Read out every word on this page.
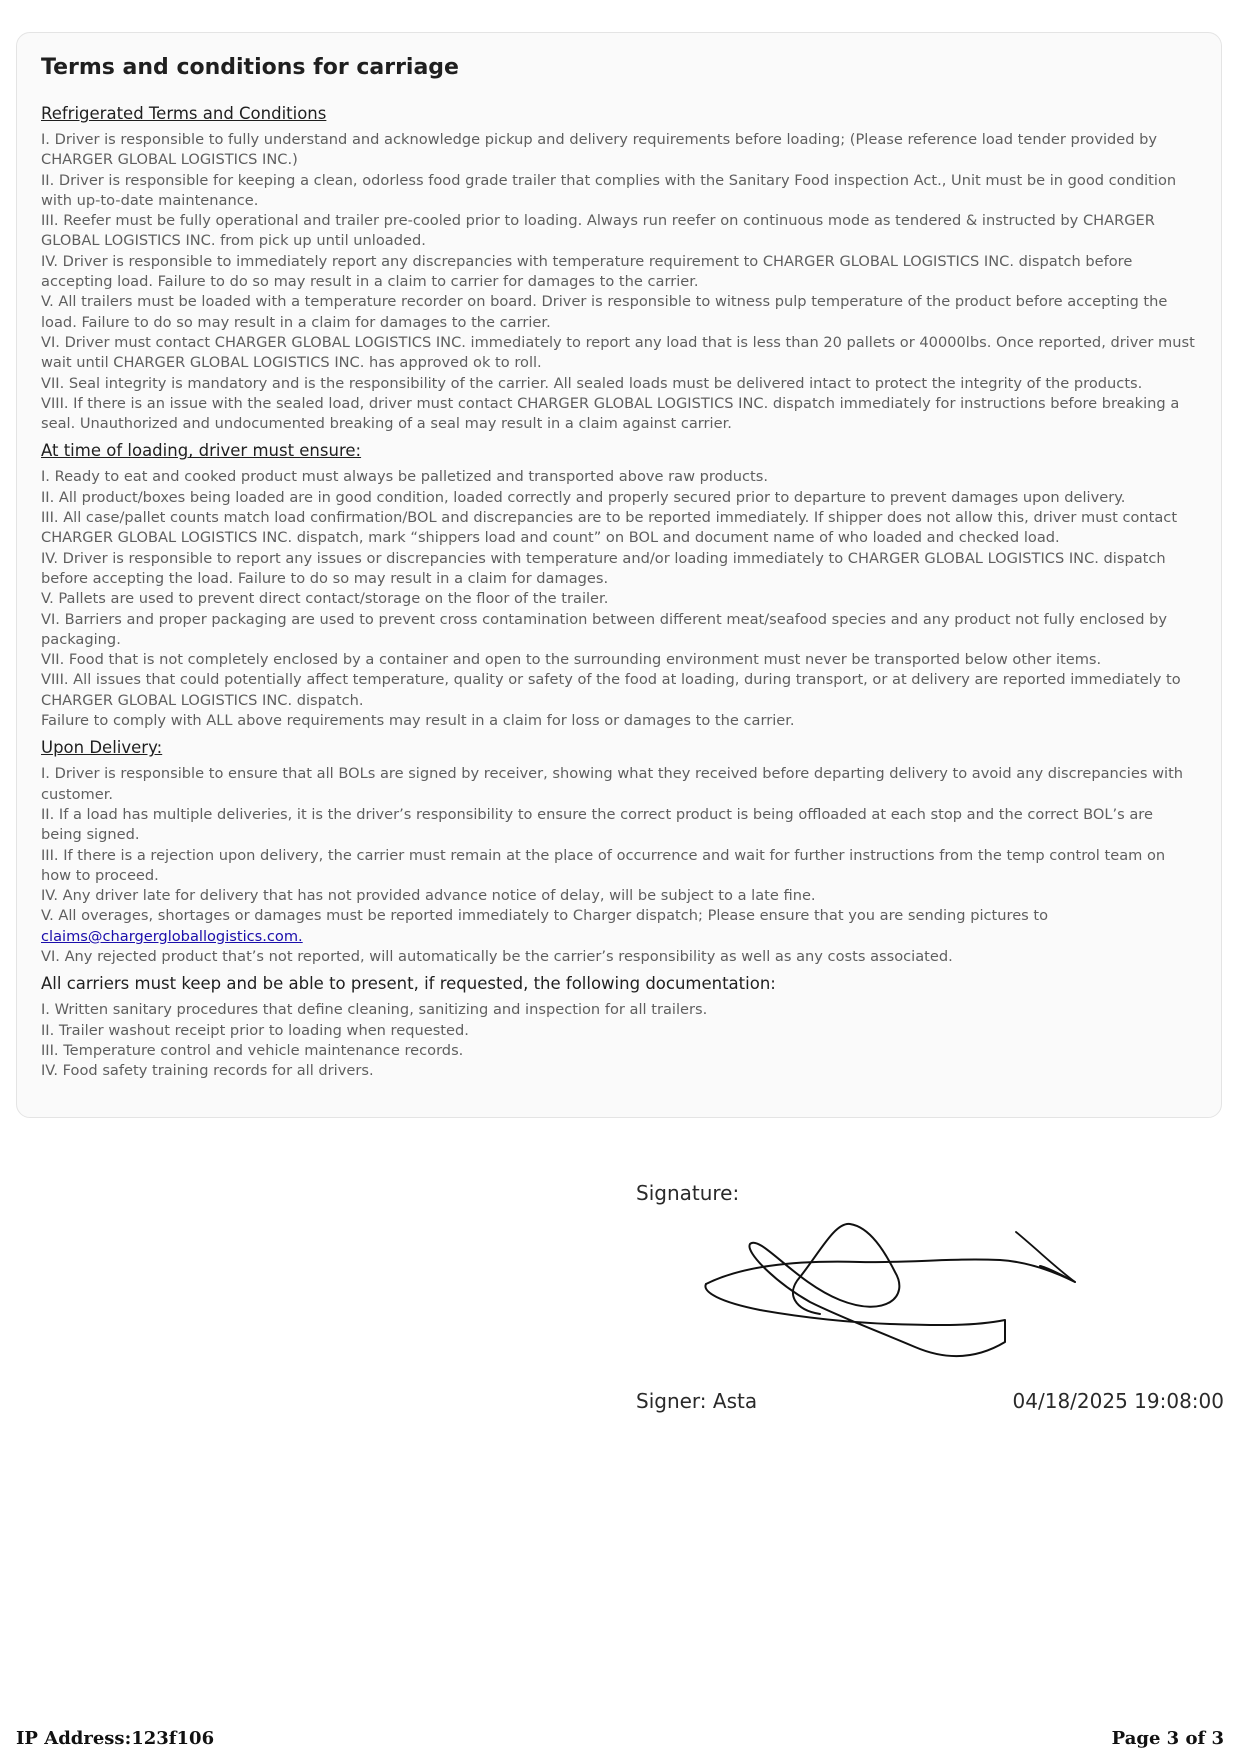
Terms and conditions for carriage
Refrigerated Terms and Conditions

I. Driver is responsible to fully understand and acknowledge pickup and delivery requirements before loading; (Please reference load tender provided by CHARGER GLOBAL LOGISTICS INC.)

II. Driver is responsible for keeping a clean, odorless food grade trailer that complies with the Sanitary Food inspection Act., Unit must be in good condition with up-to-date maintenance.

III. Reefer must be fully operational and trailer pre-cooled prior to loading. Always run reefer on continuous mode as tendered & instructed by CHARGER GLOBAL LOGISTICS INC. from pick up until unloaded.

IV. Driver is responsible to immediately report any discrepancies with temperature requirement to CHARGER GLOBAL LOGISTICS INC. dispatch before accepting load. Failure to do so may result in a claim to carrier for damages to the carrier.

V. All trailers must be loaded with a temperature recorder on board. Driver is responsible to witness pulp temperature of the product before accepting the load. Failure to do so may result in a claim for damages to the carrier.

VI. Driver must contact CHARGER GLOBAL LOGISTICS INC. immediately to report any load that is less than 20 pallets or 40000lbs. Once reported, driver must wait until CHARGER GLOBAL LOGISTICS INC. has approved ok to roll.

VII. Seal integrity is mandatory and is the responsibility of the carrier. All sealed loads must be delivered intact to protect the integrity of the products.

VIII. If there is an issue with the sealed load, driver must contact CHARGER GLOBAL LOGISTICS INC. dispatch immediately for instructions before breaking a seal. Unauthorized and undocumented breaking of a seal may result in a claim against carrier.

At time of loading, driver must ensure:

I. Ready to eat and cooked product must always be palletized and transported above raw products.

II. All product/boxes being loaded are in good condition, loaded correctly and properly secured prior to departure to prevent damages upon delivery.

III. All case/pallet counts match load confirmation/BOL and discrepancies are to be reported immediately. If shipper does not allow this, driver must contact CHARGER GLOBAL LOGISTICS INC. dispatch, mark “shippers load and count” on BOL and document name of who loaded and checked load.

IV. Driver is responsible to report any issues or discrepancies with temperature and/or loading immediately to CHARGER GLOBAL LOGISTICS INC. dispatch before accepting the load. Failure to do so may result in a claim for damages.

V. Pallets are used to prevent direct contact/storage on the floor of the trailer.

VI. Barriers and proper packaging are used to prevent cross contamination between different meat/seafood species and any product not fully enclosed by packaging.

VII. Food that is not completely enclosed by a container and open to the surrounding environment must never be transported below other items.

VIII. All issues that could potentially affect temperature, quality or safety of the food at loading, during transport, or at delivery are reported immediately to CHARGER GLOBAL LOGISTICS INC. dispatch.

Failure to comply with ALL above requirements may result in a claim for loss or damages to the carrier.

Upon Delivery:

I. Driver is responsible to ensure that all BOLs are signed by receiver, showing what they received before departing delivery to avoid any discrepancies with customer.

II. If a load has multiple deliveries, it is the driver’s responsibility to ensure the correct product is being offloaded at each stop and the correct BOL’s are being signed.

III. If there is a rejection upon delivery, the carrier must remain at the place of occurrence and wait for further instructions from the temp control team on how to proceed.

IV. Any driver late for delivery that has not provided advance notice of delay, will be subject to a late fine.

V. All overages, shortages or damages must be reported immediately to Charger dispatch; Please ensure that you are sending pictures to
claims@chargergloballogistics.com.

VI. Any rejected product that’s not reported, will automatically be the carrier’s responsibility as well as any costs associated.

All carriers must keep and be able to present, if requested, the following documentation:

I. Written sanitary procedures that define cleaning, sanitizing and inspection for all trailers.

II. Trailer washout receipt prior to loading when requested.

III. Temperature control and vehicle maintenance records.

IV. Food safety training records for all drivers.

Signature:
Signer: Asta	04/18/2025 19:08:00
IP Address:123f106	Page 3 of 3
